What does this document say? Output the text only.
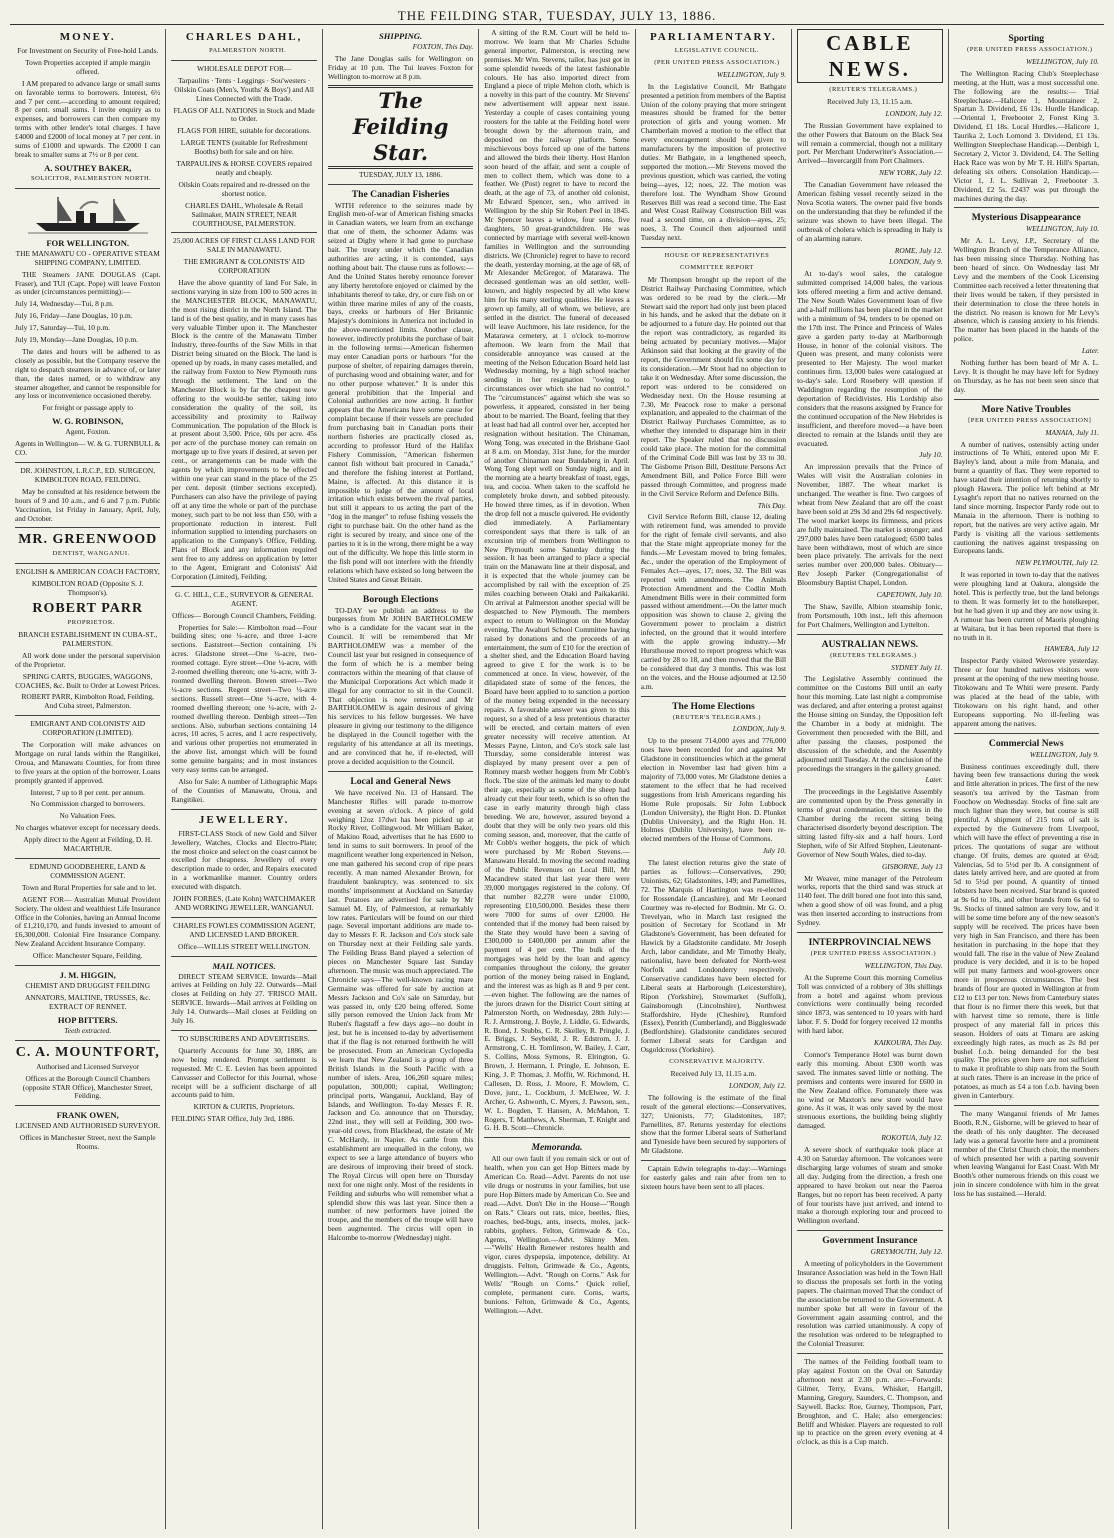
THE FEILDING STAR, TUESDAY, JULY 13, 1886.
MONEY.

For Investment on Security of Free-hold Lands.

Town Properties accepted if ample margin offered.

I AM prepared to advance large or small sums on favorable terms to borrowers. Interest, 6½ and 7 per cent.—according to amount required; 8 per cent. small sums. I invite enquiry as to expenses, and borrowers can then compare my terms with other lender's total charges. I have £4000 and £2000 of local money at 7 per cent. in sums of £1000 and upwards. The £2000 I can break to smaller sums at 7½ or 8 per cent.

A. SOUTHEY BAKER,

SOLICITOR, PALMERSTON NORTH.

FOR WELLINGTON.

THE MANAWATU CO - OPERATIVE STEAM SHIPPING COMPANY, LIMITED.

THE Steamers JANE DOUGLAS (Capt. Fraser), and TUI (Capt. Pope) will leave Foxton as under (circumstances permitting):—

July 14, Wednesday—Tui, 8 p.m.

July 16, Friday—Jane Douglas, 10 p.m.

July 17, Saturday—Tui, 10 p.m.

July 19, Monday—Jane Douglas, 10 p.m.

The dates and hours will be adhered to as closely as possible, but the Company reserve the right to despatch steamers in advance of, or later than, the dates named, or to withdraw any steamer altogether, and cannot be responsible for any loss or inconvenience occasioned thereby.

For freight or passage apply to

W. G. ROBINSON,

Agent, Foxton.

Agents in Wellington— W. & G. TURNBULL & CO.

DR. JOHNSTON, L.R.C.P., ED. SURGEON, KIMBOLTON ROAD, FEILDING.

May be consulted at his residence between the hours of 9 and 10 a.m., and 6 and 7 p.m. Public Vaccination, 1st Friday in January, April, July, and October.

MR. GREENWOOD

DENTIST, WANGANUI.

ENGLISH & AMERICAN COACH FACTORY,

KIMBOLTON ROAD (Opposite S. J. Thompson's).

ROBERT PARR

PROPRIETOR.

BRANCH ESTABLISHMENT IN CUBA-ST., PALMERSTON.

All work done under the personal supervision of the Proprietor.

SPRING CARTS, BUGGIES, WAGGONS, COACHES, &c. Built to Order at Lowest Prices.

ROBERT PARR, Kimbolton Road, Feilding, And Cuba street, Palmerston.

EMIGRANT AND COLONISTS' AID CORPORATION (LIMITED).

The Corporation will make advances on Mortgage on rural lands within the Rangitikei, Oroua, and Manawatu Counties, for from three to five years at the option of the borrower. Loans promptly granted if approved.

Interest, 7 up to 8 per cent. per annum.

No Commission charged to borrowers.

No Valuation Fees.

No charges whatever except for necessary deeds.

Apply direct to the Agent at Feilding, D. H. MACARTHUR.

EDMUND GOODBEHERE, LAND & COMMISSION AGENT.

Town and Rural Properties for sale and to let.

AGENT FOR— Australian Mutual Provident Society. The oldest and wealthiest Life Insurance Office in the Colonies, having an Annual Income of £1,210,170, and funds invested to amount of £6,300,000. Colonial Fire Insurance Company. New Zealand Accident Insurance Company.

Office: Manchester Square, Feilding.

J. M. HIGGIN,

CHEMIST AND DRUGGIST FEILDING

ANNATORS, MALTINE, TRUSSES, &c. EXTRACT OF RENNET.

HOP BITTERS.

Teeth extracted.

C. A. MOUNTFORT,

Authorised and Licensed Surveyor

Offices at the Borough Council Chambers (opposite STAR Office), Manchester Street, Feilding.

FRANK OWEN,

LICENSED AND AUTHORISED SURVEYOR.

Offices in Manchester Street, next the Sample Rooms.

CHARLES DAHL,

PALMERSTON NORTH.

WHOLESALE DEPOT FOR—

Tarpaulins · Tents · Leggings · Sou'westers · Oilskin Coats (Men's, Youths' & Boys') and All Lines Connected with the Trade.

FLAGS OF ALL NATIONS in Stock and Made to Order.

FLAGS FOR HIRE, suitable for decorations.

LARGE TENTS (suitable for Refreshment Booths) both for sale and on hire.

TARPAULINS & HORSE COVERS repaired neatly and cheaply.

Oilskin Coats repaired and re-dressed on the shortest notice.

CHARLES DAHL, Wholesale & Retail Sailmaker, MAIN STREET, NEAR COURTHOUSE, PALMERSTON.

25,000 ACRES OF FIRST CLASS LAND FOR SALE IN MANAWATU.

THE EMIGRANT & COLONISTS' AID CORPORATION

Have the above quantity of land For Sale, in sections varying in size from 100 to 500 acres in the MANCHESTER BLOCK, MANAWATU, the most rising district in the North Island. The land is of the best quality, and in many cases has very valuable Timber upon it. The Manchester Block is the centre of the Manawatu Timber Industry, three-fourths of the Saw Mills in that District being situated on the Block. The land is opened up by roads, in many cases metalled, and the railway from Foxton to New Plymouth runs through the settlement. The land on the Manchester Block is by far the cheapest now offering to the would-be settler, taking into consideration the quality of the soil, its accessibility and proximity to Railway Communication. The population of the Block is at present about 3,500. Price, 60s per acre. 45s per acre of the purchase money can remain on mortgage up to five years if desired, at seven per cent., or arrangements can be made with the agents by which improvements to be effected within one year can stand in the place of the 25 per cent. deposit (timber sections excepted). Purchasers can also have the privilege of paying off at any time the whole or part of the purchase money, such part to be not less than £50, with a proportionate reduction in interest. Full information supplied to intending purchasers on application to the Company's Office, Feilding. Plans of Block and any information required sent free to any address on application by letter to the Agent, Emigrant and Colonists' Aid Corporation (Limited), Feilding.

G. C. HILL, C.E., SURVEYOR & GENERAL AGENT.

Offices— Borough Council Chambers, Feilding.

Properties for Sale:— Kimbolton road—Four building sites; one ¼-acre, and three 1-acre sections. Eaststreet—Section containing 1¾ acres. Gladstone street—One ¼-acre, two-roomed cottage. Eyre street—One ¼-acre, with 2-roomed dwelling thereon; one ¼-acre, with 3-roomed dwelling thereon. Bowen street—Two ¼-acre sections. Regent street—Two ¼-acre sections. Russell street—One ¼-acre, with 4-roomed dwelling thereon; one ¼-acre, with 2-roomed dwelling thereon. Denbigh street—Ten sections. Also, suburban sections containing 14 acres, 10 acres, 5 acres, and 1 acre respectively, and various other properties not enumerated in the above list, amongst which will be found some genuine bargains; and in most instances very easy terms can be arranged.

Also for Sale: A number of Lithographic Maps of the Counties of Manawatu, Oroua, and Rangitikei.

JEWELLERY.

FIRST-CLASS Stock of new Gold and Silver Jewellery, Watches, Clocks and Electro-Plate; the most choice and select on the coast cannot be excelled for cheapness. Jewellery of every description made to order, and Repairs executed in a workmanlike manner. Country orders executed with dispatch.

JOHN FORBES, (Late Kohn) WATCHMAKER AND WORKING JEWELLER, WANGANUI.

CHARLES FOWLES COMMISSION AGENT, AND LICENSED LAND BROKER.

Office—WILLIS STREET WELLINGTON.

MAIL NOTICES.

DIRECT STEAM SERVICE. Inwards—Mail arrives at Feilding on July 22. Outwards—Mail closes at Feilding on July 27. 'FRISCO MAIL SERVICE. Inwards—Mail arrives at Feilding on July 14. Outwards—Mail closes at Feilding on July 16.

TO SUBSCRIBERS AND ADVERTISERS.

Quarterly Accounts for June 30, 1886, are now being rendered. Prompt settlement is requested. Mr C. E. Levien has been appointed Canvasser and Collector for this Journal, whose receipt will be a sufficient discharge of all accounts paid to him.

KIRTON & CURTIS, Proprietors.

FEILDING STAR Office, July 3rd, 1886.

SHIPPING.

FOXTON, This Day.

The Jane Douglas sails for Wellington on Friday at 10 p.m. The Tui leaves Foxton for Wellington to-morrow at 8 p.m.

The Feilding Star.

TUESDAY, JULY 13, 1886.

The Canadian Fisheries

WITH reference to the seizures made by English men-of-war of American fishing smacks in Canadian waters, we learn from an exchange that one of them, the schooner Adams was seized at Digby where it had gone to purchase bait. The treaty under which the Canadian authorities are acting, it is contended, says nothing about bait. The clause runs as follows:— And the United States hereby renounce forever any liberty heretofore enjoyed or claimed by the inhabitants thereof to take, dry, or cure fish on or within three marine miles of any of the coasts, bays, creeks or harbours of Her Britannic Majesty's dominions in America not included in the above-mentioned limits. Another clause, however, indirectly prohibits the purchase of bait in the following terms:—American fishermen may enter Canadian ports or harbours "for the purpose of shelter, of repairing damages therein, of purchasing wood and obtaining water, and for no other purpose whatever." It is under this general prohibition that the Imperial and Colonial authorities are now acting. It further appears that the Americans have some cause for complaint because if their vessels are precluded from purchasing bait in Canadian ports their northern fisheries are practically closed as, according to professor Hurd of the Halifax Fishery Commission, "American fishermen cannot fish without bait procured in Canada," and therefore the fishing interest at Portland, Maine, is affected. At this distance it is impossible to judge of the amount of local irritation which exists between the rival parties, but still it appears to us acting the part of the "dog in the manger" to refuse fishing vessels the right to purchase bait. On the other hand as the right is secured by treaty, and since one of the parties to it is in the wrong, there might be a way out of the difficulty. We hope this little storm in the fish pond will not interfere with the friendly relations which have existed so long between the United States and Great Britain.

Borough Elections

TO-DAY we publish an address to the burgesses from Mr JOHN BARTHOLOMEW who is a candidate for the vacant seat in the Council. It will be remembered that Mr BARTHOLOMEW was a member of the Council last year but resigned in consequence of the form of which he is a member being contractors within the meaning of that clause of the Municipal Corporations Act which made it illegal for any contractor to sit in the Council. That objection is now removed and Mr BARTHOLOMEW is again desirous of giving his services to his fellow burgesses. We have pleasure in giving our testimony to the diligence he displayed in the Council together with the regularity of his attendance at all its meetings, and are convinced that he, if re-elected, will prove a decided acquisition to the Council.

Local and General News

We have received No. 13 of Hansard. The Manchester Rifles will parade to-morrow evening at seven o'clock. A piece of gold weighing 12oz 17dwt has been picked up at Rocky River, Collingwood. Mr William Baker, of Makino Road, advertises that he has £600 to lend in sums to suit borrowers. In proof of the magnificent weather long experienced in Nelson, one man gathered his second crop of ripe pears recently. A man named Alexander Brown, for fraudulent bankruptcy, was sentenced to six months' imprisonment at Auckland on Saturday last. Potatoes are advertised for sale by Mr Samuel M. Ely, of Palmerston, at remarkably low rates. Particulars will be found on our third page. Several important additions are made to-day to Messrs F. R. Jackson and Co's stock sale on Thursday next at their Feilding sale yards. The Feilding Brass Band played a selection of pieces on Manchester Square last Sunday afternoon. The music was much appreciated. The Chronicle says—The well-known racing mare Germaine was offered for sale by auction at Messrs Jackson and Co's sale on Saturday, but was passed in, only £20 being offered. Some silly person removed the Union Jack from Mr Ruben's flagstaff a few days ago—no doubt in jest, but he is incensed to-day by advertisement that if the flag is not returned forthwith he will be prosecuted. From an American Cyclopedia we learn that New Zealand is a group of three British Islands in the South Pacific with a number of islets. Area, 106,260 square miles; population, 300,000; capital, Wellington; principal ports, Wanganui, Auckland, Bay of Islands, and Wellington. To-day Messrs F. R. Jackson and Co. announce that on Thursday, 22nd inst., they will sell at Feilding, 300 two-year-old cows, from Blackhead, the estate of Mr C. McHardy, in Napier. As cattle from this establishment are unequalled in the colony, we expect to see a large attendance of buyers who are desirous of improving their breed of stock. The Royal Circus will open here on Thursday next for one night only. Most of the residents in Feilding and suburbs who will remember what a splendid show this was last year. Since then a number of new performers have joined the troupe, and the members of the troupe will have been augmented. The circus will open in Halcombe to-morrow (Wednesday) night.

A sitting of the R.M. Court will be held to-morrow. We learn that Mr Charles Schulte general importer, Palmerston, is erecting new premises. Mr Wm. Stevens, tailor, has just got in some splendid tweeds of the latest fashionable colours. He has also imported direct from England a piece of triple Melton cloth, which is a novelty in this part of the country. Mr Stevens' new advertisement will appear next issue. Yesterday a couple of cases containing young roosters for the table at the Feilding hotel were brought down by the afternoon train, and deposited on the railway platform. Some mischievous boys forced up one of the battens and allowed the birds their liberty. Host Hanlon soon heard of the affair, and sent a couple of men to collect them, which was done to a feather. We (Post) regret to have to record the death, at the age of 73, of another old colonist, Mr Edward Spencer, sen., who arrived in Wellington by the ship Sir Robert Peel in 1845. Mr Spencer leaves a widow, four sons, five daughters, 50 great-grandchildren. He was connected by marriage with several well-known families in Wellington and the surrounding districts. We (Chronicle) regret to have to record the death, yesterday morning, at the age of 68, of Mr Alexander McGregor, of Matarawa. The deceased gentleman was an old settler, well-known, and highly respected by all who knew him for his many sterling qualities. He leaves a grown up family, all of whom, we believe, are settled in the district. The funeral of deceased will leave Auchmore, his late residence, for the Matarawa cemetery, at 1 o'clock to-morrow afternoon. We learn from the Mail that considerable annoyance was caused at the meeting of the Nelson Education Board held last Wednesday morning, by a high school teacher sending in her resignation "owing to circumstances over which she had no control." The "circumstances" against which she was so powerless, it appeared, consisted in her being about to be married. The Board, feeling that they at least had had all control over her, accepted her resignation without hesitation. The Chinaman, Wong Tong, was executed in the Brisbane Gaol at 8 a.m. on Monday, 31st June, for the murder of another Chinaman near Bundaberg in April. Wong Tong slept well on Sunday night, and in the morning ate a hearty breakfast of toast, eggs, tea, and cocoa. When taken to the scaffold he completely broke down, and sobbed piteously. He bowed three times, as if in devotion. When the drop fell not a muscle quivered. He evidently died immediately. A Parliamentary correspondent says that there is talk of an excursion trip of members from Wellington to New Plymouth some Saturday during the session. It has been arranged to place a special train on the Manawatu line at their disposal, and it is expected that the whole journey can be accomplished by rail with the exception of 25 miles coaching between Otaki and Paikakariki. On arrival at Palmerston another special will be despatched to New Plymouth. The members expect to return to Wellington on the Monday evening. The Awahuri School Committee having raised by donations and the proceeds of an entertainment, the sum of £10 for the erection of a shelter shed, and the Education Board having agreed to give £ for the work is to be commenced at once. In view, however, of the dilapidated state of some of the fences, the Board have been applied to to sanction a portion of the money being expended in the necessary repairs. A favourable answer was given to this request, so a shed of a less pretentious character will be erected, and certain matters of even greater necessity will receive attention. At Messrs Payne, Linton, and Co's stock sale last Thursday, some considerable interest was displayed by many present over a pen of Romney marsh wether hoggets from Mr Cobb's flock. The size of the animals led many to doubt their age, especially as some of the sheep had already cut their four teeth, which is so often the case in early maturity through high class breeding. We are, however, assured beyond a doubt that they will be only two years old this coming season, and, moreover, that the cattle of Mr Cobb's wether hoggets, the pick of which were purchased by Mr Robert Stevens.—Manawatu Herald. In moving the second reading of the Public Revenues on Local Bill, Mr Macandrew stated that last year there were 39,000 mortgages registered in the colony. Of that number 82,278 were under £1000, representing £10,500,000. Besides these there were 7000 for sums of over £2000. He contended that if the money had been raised by the State they would have been a saving of £300,000 to £400,000 per annum after the payment of 4 per cent. The bulk of the mortgages was held by the loan and agency companies throughout the colony, the greater portion of the money being raised in England, and the interest was as high as 8 and 9 per cent.—even higher. The following are the names of the jurors drawn for the District Court sitting at Palmerston North, on Wednesday, 28th July:—R. J. Armstrong, J. Boyle, J. Liddle, G. Edwards, R. Bond, J. Stubbs, C. R. Skelley, R. Pringle, J. E. Briggs, J. Seybeild, J. R. Edstrom, J. J. Armstrong, C. H. Tomlinson, W. Bailey, J. Carr, S. Collins, Moss Symons, R. Elrington, G. Brown, J. Hermann, I. Pringle, E. Johnson, E. King, J. P. Thomas, J. Moffit, W. Richmond, H. Callesen, D. Ross, J. Moore, F. Mowlem, C. Dove, junr., L. Cockburn, J. McElwee, W. J. Archer, G. Ashworth, C. Myers, J. Pawson, sen., W. L. Bogden, T. Hansen, A. McMahon, T. Rogers, T. Matthews, A. Sherman, T. Knight and G. H. B. Scott—Chronicle.

Memoranda.

All our own fault if you remain sick or out of health, when you can get Hop Bitters made by American Co. Read—Advt. Parents do not use vile drugs or nostrums in your families, but use pure Hop Bitters made by American Co. See and read.—Advt. Don't Die in the House—"Rough on Rats." Clears out rats, mice, beetles, flies, roaches, bed-bugs, ants, insects, moles, jack-rabbits, gophers. Felton, Grimwade & Co., Agents, Wellington.—Advt. Skinny Men.—"Wells' Health Renewer restores health and vigor, cures dyspepsia, impotence, debility. At druggists. Felton, Grimwade & Co., Agents, Wellington.—Advt. "Rough on Corns." Ask for Wells' "Rough on Corns." Quick relief, complete, permanent cure. Corns, warts, bunions. Felton, Grimwade & Co., Agents, Wellington.—Advt.

PARLIAMENTARY.

LEGISLATIVE COUNCIL.

(PER UNITED PRESS ASSOCIATION.)

WELLINGTON, July 9.

In the Legislative Council, Mr Bathgate presented a petition from members of the Baptist Union of the colony praying that more stringent measures should be framed for the better protection of girls and young women. Mr Chamberlain moved a motion to the effect that every encouragement should be given to manufacturers by the imposition of protective duties. Mr Bathgate, in a lengthened speech, supported the motion.—Mr Stevens moved the previous question, which was carried, the voting being—ayes, 12; noes, 22. The motion was therefore lost. The Wyndham Show Ground Reserves Bill was read a second time. The East and West Coast Railway Construction Bill was read a second time, on a division—ayes, 25; noes, 3. The Council then adjourned until Tuesday next.

HOUSE OF REPRESENTATIVES

COMMITTEE REPORT

Mr Thompson brought up the report of the District Railway Purchasing Committee, which was ordered to be read by the clerk.—Mr Stewart said the report had only just been placed in his hands, and he asked that the debate on it be adjourned to a future day. He pointed out that the report was contradictory, as regarded its being actuated by pecuniary motives.—Major Atkinson said that looking at the gravity of the report, the Government should fix some day for its consideration.—Mr Stout had no objection to take it on Wednesday. After some discussion, the report was ordered to be considered on Wednesday next. On the House resuming at 7.30, Mr Peacock rose to make a personal explanation, and appealed to the chairman of the District Railway Purchases Committee, as to whether they intended to disparage him in their report. The Speaker ruled that no discussion could take place. The motion for the committal of the Criminal Code Bill was lost by 33 to 30. The Gisborne Prison Bill, Destitute Persons Act Amendment Bill, and Police Force Bill were passed through Committee, and progress made in the Civil Service Reform and Defence Bills.

This Day.

Civil Service Reform Bill, clause 12, dealing with retirement fund, was amended to provide for the right of female civil servants, and also that the State might appropriate money for the funds.—Mr Levestam moved to bring females, &c., under the operation of the Employment of Females Act—ayes, 17; noes, 32. The Bill was reported with amendments. The Animals Protection Amendment and the Codlin Moth Amendment Bills were in their committed form passed without amendment.—On the latter much opposition was shown to clause 2, giving the Government power to proclaim a district infected, on the ground that it would interfere with the apple growing industry.—Mr Hursthouse moved to report progress which was carried by 28 to 18, and then moved that the Bill be considered that day 3 months. This was lost on the voices, and the House adjourned at 12.50 a.m.

The Home Elections

(REUTER'S TELEGRAMS.)

LONDON, July 9.

Up to the present 714,000 ayes and 776,000 noes have been recorded for and against Mr Gladstone in constituencies which at the general election in November last had given him a majority of 73,000 votes. Mr Gladstone denies a statement to the effect that he had received suggestions from Irish Americans regarding his Home Rule proposals. Sir John Lubbock (London University), the Right Hon. D. Plunket (Dublin University), and the Right Hon. H. Holmes (Dublin University), have been re-elected members of the House of Commons.

July 10.

The latest election returns give the state of parties as follows:—Conservatives, 290; Unionists, 62; Gladstonites, 149; and Parnellites, 72. The Marquis of Hartington was re-elected for Rossendale (Lancashire), and Mr Leonard Courtney was re-elected for Bodmin. Mr G. O. Trevelyan, who in March last resigned the position of Secretary for Scotland in Mr Gladstone's Government, has been defeated for Hawick by a Gladstonite candidate. Mr Joseph Arch, labor candidate, and Mr Timothy Healy, nationalist, have been defeated for North-west Norfolk and Londonderry respectively. Conservative candidates have been elected for Liberal seats at Harborough (Leicestershire), Ripon (Yorkshire), Stowmarket (Suffolk), Gainsborough (Lincolnshire), Northwest Staffordshire, Hyde (Cheshire), Rumford (Essex), Penrith (Cumberland), and Biggleswade (Bedfordshire). Gladstonite candidates secured former Liberal seats for Cardigan and Osgoldcross (Yorkshire).

CONSERVATIVE MAJORITY.

Received July 13, 11.15 a.m.

LONDON, July 12.

The following is the estimate of the final result of the general elections:—Conservatives, 327; Unionists, 77; Gladstonites, 187; Parnellites, 87. Returns yesterday for elections show that the former Liberal seats of Sutherland and Tyneside have been secured by supporters of Mr Gladstone.

Captain Edwin telegraphs to-day:—Warnings for easterly gales and rain after from ten to sixteen hours have been sent to all places.

CABLE NEWS.

(REUTER'S TELEGRAMS.)

Received July 13, 11.15 a.m.

LONDON, July 12.

The Russian Government have explained to the other Powers that Batoum on the Black Sea will remain a commercial, though not a military port. Per Merchant Underwriter's Association.—Arrived—Invercargill from Port Chalmers.

NEW YORK, July 12.

The Canadian Government have released the American fishing vessel recently seized in the Nova Scotia waters. The owner paid five bonds on the understanding that they be refunded if the seizure was shown to have been illegal. The outbreak of cholera which is spreading in Italy is of an alarming nature.

ROME, July 12.

LONDON, July 9.

At to-day's wool sales, the catalogue submitted comprised 14,000 bales, the various lots offered meeting a firm and active demand. The New South Wales Government loan of five and a-half millions has been placed in the market with a minimum of 94, tenders to be opened on the 17th inst. The Prince and Princess of Wales gave a garden party to-day at Marlborough House, in honor of the colonial visitors. The Queen was present, and many colonists were presented to Her Majesty. The wool market continues firm. 13,000 bales were catalogued at to-day's sale. Lord Rosebery will question if Waddington regarding the resumption of the deportation of Recidivistes. His Lordship also considers that the reasons assigned by France for the continued occupation of the New Hebrides is insufficient, and therefore moved—a have been directed to remain at the Islands until they are evacuated.

July 10.

An impression prevails that the Prince of Wales will visit the Australian colonies in November, 1887. The wheat market is unchanged. The weather is fine. Two cargoes of wheat from New Zealand that are off the coast have been sold at 29s 3d and 29s 6d respectively. The wool market keeps its firmness, and prices are fully maintained. The market is stronger; and 297,000 bales have been catalogued; 6500 bales have been withdrawn, most of which are since been place privately. The arrivals for the next series number over 200,000 bales. Obituary—Rev Joseph Parker (Congregationalist of Bloomsbury Baptist Chapel, London.

CAPETOWN, July 10.

The Shaw, Saville, Albion steamship Ionic, from Portsmouth, 10th inst., left this afternoon for Port Chalmers, Wellington and Lyttelton.

AUSTRALIAN NEWS.

(REUTERS TELEGRAMS.)

SYDNEY July 11.

The Legislative Assembly continued the committee on the Customs Bill until an early hour this morning. Late last night a compromise was declared, and after entering a protest against the House sitting on Sunday, the Opposition left the Chamber in a body at midnight. The Government then proceeded with the Bill, and after passing the clauses, postponed the discussion of the schedule, and the Assembly adjourned until Tuesday. At the conclusion of the proceedings the strangers in the gallery groaned.

Later.

The proceedings in the Legislative Assembly are commented upon by the Press generally in terms of great condemnation, the scenes in the Chamber during the recent sitting being characterised disorderly beyond description. The sitting lasted fifty-six and a half hours. Lord Stephen, wife of Sir Alfred Stephen, Lieutenant-Governor of New South Wales, died to-day.

GISBORNE, July 13

Mr Weaver, mine manager of the Petroleum works, reports that the third sand was struck at 1140 feet. The drill bored one foot into this sand, when a good show of oil was found, and a plug was then inserted according to instructions from Sydney.

INTERPROVINCIAL NEWS

(PER UNITED PRESS ASSOCIATION.)

WELLINGTON, This Day.

At the Supreme Court this morning Cornelius Toll was convicted of a robbery of 30s shillings from a hotel and against whom previous convictions were continually being recorded since 1873, was sentenced to 10 years with hard labor. F. S. Dodd for forgery received 12 months with hard labor.

KAIKOURA, This Day.

Connor's Temperance Hotel was burnt down early this morning. About £300 worth was saved. The inmates saved little or nothing. The premises and contents were insured for £600 in the New Zealand office. Fortunately there was no wind or Maxton's new store would have gone. As it was, it was only saved by the most strenuous exertions, the building being slightly damaged.

ROKOTUA, July 12.

A severe shock of earthquake took place at 4.30 on Saturday afternoon. The volcanoes were discharging large volumes of steam and smoke all day. Judging from the direction, a fresh one appeared to have broken out near the Paeroa Ranges, but no report has been received. A party of four tourists have just arrived, and intend to make a thorough exploring tour and proceed to Wellington overland.

Government Insurance

GREYMOUTH, July 12.

A meeting of policyholders in the Government Insurance Association was held in the Town Hall to discuss the proposals set forth in the voting papers. The chairman moved That the conduct of the association be returned to the Government. A number spoke but all were in favour of the Government again assuming control, and the resolution was carried unanimously. A copy of the resolution was ordered to be telegraphed to the Colonial Treasurer.

The names of the Feilding football team to play against Foxton on the Oval on Saturday afternoon next at 2.30 p.m. are:—Forwards: Gilmer, Terry, Evans, Whisker, Hartgill, Manning, Gregory, Saunders, C. Thompson, and Saywell. Backs: Roe, Gurney, Thompson, Parr, Broughton, and C. Hale; also emergencies: Beliff and Whisker. Players are requested to roll up to practice on the green every evening at 4 o'clock, as this is a Cup match.

Sporting

(PER UNITED PRESS ASSOCIATION.)

WELLINGTON, July 10.

The Wellington Racing Club's Steeplechase meeting, at the Hutt, was a most successful one. The following are the results:— Trial Steeplechase.—Halicore 1, Mountaineer 2, Spartan 3. Dividend, £6 13s. Hurdle Handicap.—Oriental 1, Freebooter 2, Forest King 3. Dividend, £1 18s. Local Hurdles.—Halicore 1, Taurika 2, Loch Lomond 3. Dividend, £1 13s. Wellington Steeplechase Handicap.—Denbigh 1, Secretary 2, Victor 3. Dividend, £4. The Selling Hack Race was won by Mr T. H. Hill's Spartan, defeating six others. Consolation Handicap.—Victor 1, J. L. Sullivan 2, Freebooter 3. Dividend, £2 5s. £2437 was put through the machines during the day.

Mysterious Disappearance

WELLINGTON, July 10.

Mr A. L. Levy, J.P., Secretary of the Wellington Branch of the Temperance Alliance, has been missing since Thursday. Nothing has been heard of since. On Wednesday last Mr Levy and the members of the Cook Licensing Committee each received a letter threatening that their lives would be taken, if they persisted in their determination to close the three hotels in the district. No reason is known for Mr Levy's absence, which is causing anxiety to his friends. The matter has been placed in the hands of the police.

Later.

Nothing further has been heard of Mr A. L. Levy. It is thought he may have left for Sydney on Thursday, as he has not been seen since that day.

More Native Troubles

[PER UNITED PRESS ASSOCIATION]

MANAIA, July 11.

A number of natives, ostensibly acting under instructions of Te Whiti, entered upon Mr F. Bayley's land, about a mile from Manaia, and burnt a quantity of flax. They were reported to have stated their intention of returning shortly to plough Hawera. The police left behind at Mr Lysaght's report that no natives returned on the land since morning. Inspector Pardy rode out to Manaia in the afternoon. There is nothing to report, but the natives are very active again. Mr Pardy is visiting all the various settlements cautioning the natives against trespassing on Europeans lands.

NEW PLYMOUTH, July 12.

It was reported in town to-day that the natives were ploughing land at Oakura, alongside the hotel. This is perfectly true, but the land belongs to them. It was formerly let to the hotelkeeper, but he had given it up and they are now using it. A rumour has been current of Maoris ploughing at Waitara, but it has been reported that there is no truth in it.

HAWERA, July 12

Inspector Pardy visited Werowere yesterday. Three or four hundred natives visitors were present at the opening of the new meeting house. Titokowaru and Te Whiti were present. Pardy was placed at the head of the table, with Titokowaru on his right hand, and other Europeans supporting. No ill-feeling was apparent among the natives.

Commercial News

WELLINGTON, July 9.

Business continues exceedingly dull, there having been few transactions during the week and little alteration in prices. The first of the new season's tea arrived by the Tasman from Foochow on Wednesday. Stocks of fine salt are much lighter than they were, but course is still plentiful. A shipment of 215 tons of salt is expected by the Guinevere from Liverpool, which will have the effect of preventing a rise in prices. The quotations of sugar are without change. Of fruits, demes are quoted at 6½d; Valencias, 5d to 5½d per lb. A consignment of dates lately arrived here, and are quoted at from 5d to 5½d per pound. A quantity of tinned lobsters have been received. Star brand is quoted at 9s 6d to 10s, and other brands from 6s 6d to 9s. Stocks of tinned salmon are very low, and it will be some time before any of the new season's supply will be received. The prices have been very high in San Francisco, and there has been hesitation in purchasing in the hope that they would fall. The rise in the value of New Zealand produce is very decided, and it is to be hoped will put many farmers and wool-growers once more in prosperous circumstances. The best brands of flour are quoted in Wellington at from £12 to £13 per ton. News from Canterbury states that flour is no firmer there this week, but that with harvest time so remote, there is little prospect of any material fall in prices this season. Holders of oats at Timaru are asking exceedingly high rates, as much as 2s 8d per bushel f.o.b. being demanded for the best quality. The prices given here are not sufficient to make it profitable to ship oats from the South at such rates. There is an increase in the price of potatoes, as much as £4 a ton f.o.b. having been given in Canterbury.

The many Wanganui friends of Mr James Booth, R.N., Gisborne, will be grieved to hear of the death of his only daughter. The deceased lady was a general favorite here and a prominent member of the Christ Church choir, the members of which presented her with a parting souvenir when leaving Wanganui for East Coast. With Mr Booth's other numerous friends on this coast we join in sincere condolence with him in the great loss he has sustained.—Herald.
